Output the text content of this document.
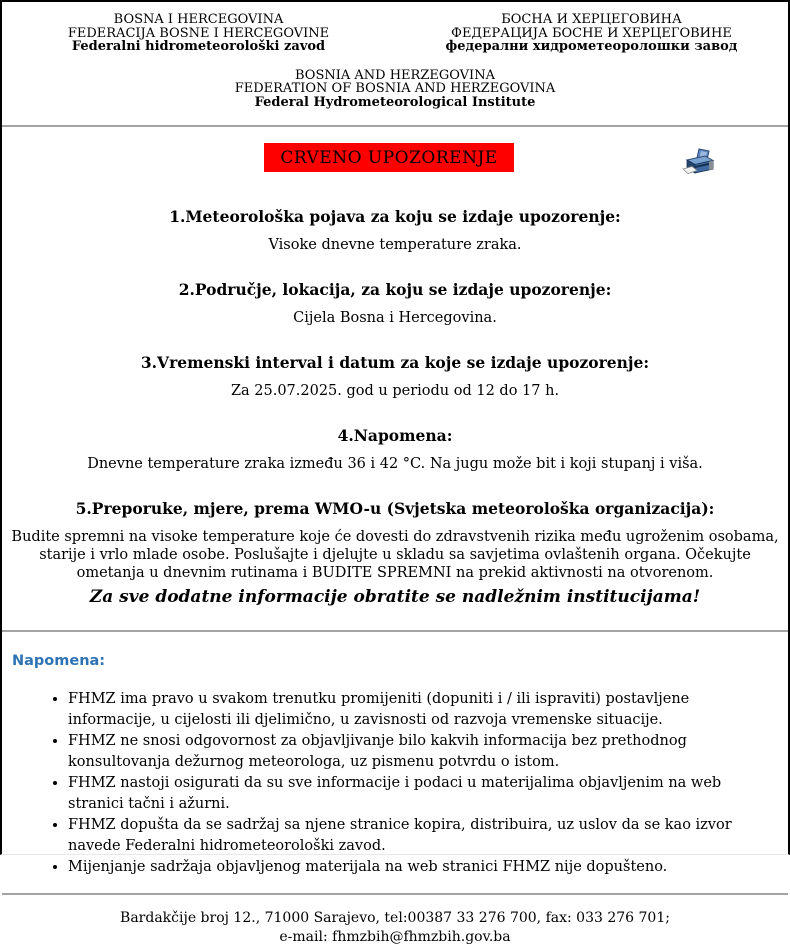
BOSNA I HERCEGOVINA
FEDERACIJA BOSNE I HERCEGOVINE
Federalni hidrometeorološki zavod
БОСНА И ХЕРЦЕГОВИНА
ФЕДЕРАЦИЈА БОСНЕ И ХЕРЦЕГОВИНЕ
федерални хидрометеоролошки завод
BOSNIA AND HERZEGOVINA
FEDERATION OF BOSNIA AND HERZEGOVINA
Federal Hydrometeorological Institute
CRVENO UPOZORENJE
1.Meteorološka pojava za koju se izdaje upozorenje:
Visoke dnevne temperature zraka.
2.Područje, lokacija, za koju se izdaje upozorenje:
Cijela Bosna i Hercegovina.
3.Vremenski interval i datum za koje se izdaje upozorenje:
Za 25.07.2025. god u periodu od 12 do 17 h.
4.Napomena:
Dnevne temperature zraka između 36 i 42 °C. Na jugu može bit i koji stupanj i viša.
5.Preporuke, mjere, prema WMO-u (Svjetska meteorološka organizacija):
Budite spremni na visoke temperature koje će dovesti do zdravstvenih rizika među ugroženim osobama, starije i vrlo mlade osobe. Poslušajte i djelujte u skladu sa savjetima ovlaštenih organa. Očekujte ometanja u dnevnim rutinama i BUDITE SPREMNI na prekid aktivnosti na otvorenom.
Za sve dodatne informacije obratite se nadležnim institucijama!
Napomena:
• FHMZ ima pravo u svakom trenutku promijeniti (dopuniti i / ili ispraviti) postavljene informacije, u cijelosti ili djelimično, u zavisnosti od razvoja vremenske situacije.
• FHMZ ne snosi odgovornost za objavljivanje bilo kakvih informacija bez prethodnog konsultovanja dežurnog meteorologa, uz pismenu potvrdu o istom.
• FHMZ nastoji osigurati da su sve informacije i podaci u materijalima objavljenim na web stranici tačni i ažurni.
• FHMZ dopušta da se sadržaj sa njene stranice kopira, distribuira, uz uslov da se kao izvor navede Federalni hidrometeorološki zavod.
• Mijenjanje sadržaja objavljenog materijala na web stranici FHMZ nije dopušteno.
Bardakčije broj 12., 71000 Sarajevo, tel:00387 33 276 700, fax: 033 276 701;
e-mail: fhmzbih@fhmzbih.gov.ba
